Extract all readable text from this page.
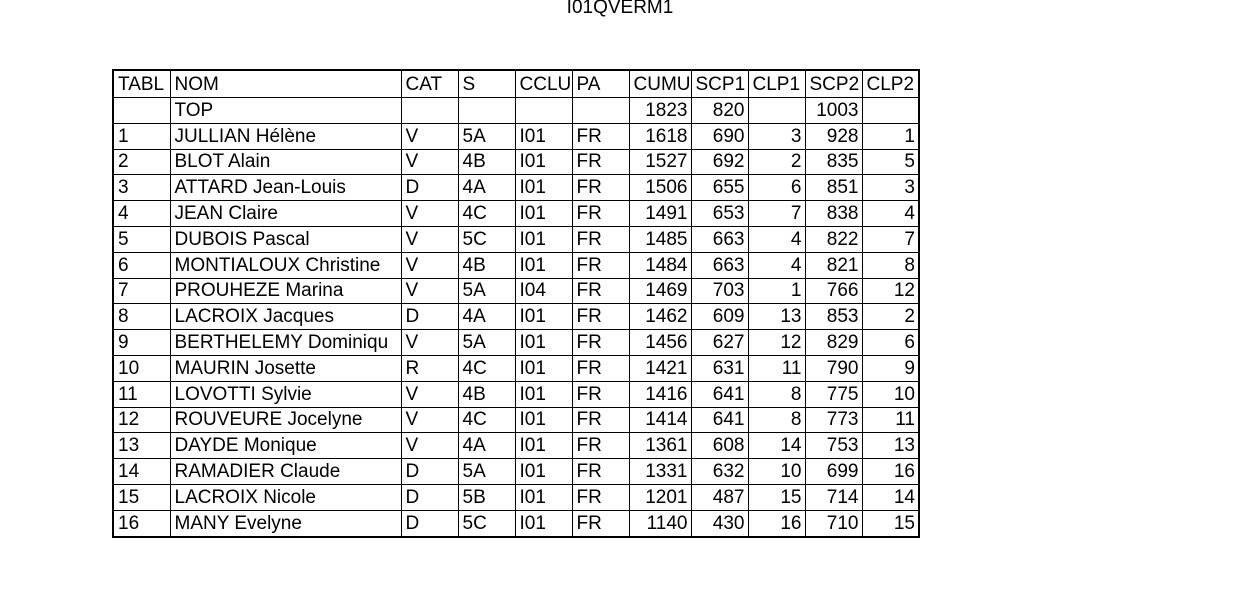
I01QVERM1
TABL	NOM	CAT	S	CCLU	PA	CUMU	SCP1	CLP1	SCP2	CLP2
	TOP					1823	820		1003	
1	JULLIAN Hélène	V	5A	I01	FR	1618	690	3	928	1
2	BLOT Alain	V	4B	I01	FR	1527	692	2	835	5
3	ATTARD Jean-Louis	D	4A	I01	FR	1506	655	6	851	3
4	JEAN Claire	V	4C	I01	FR	1491	653	7	838	4
5	DUBOIS Pascal	V	5C	I01	FR	1485	663	4	822	7
6	MONTIALOUX Christine	V	4B	I01	FR	1484	663	4	821	8
7	PROUHEZE Marina	V	5A	I04	FR	1469	703	1	766	12
8	LACROIX Jacques	D	4A	I01	FR	1462	609	13	853	2
9	BERTHELEMY Dominiqu	V	5A	I01	FR	1456	627	12	829	6
10	MAURIN Josette	R	4C	I01	FR	1421	631	11	790	9
11	LOVOTTI Sylvie	V	4B	I01	FR	1416	641	8	775	10
12	ROUVEURE Jocelyne	V	4C	I01	FR	1414	641	8	773	11
13	DAYDE Monique	V	4A	I01	FR	1361	608	14	753	13
14	RAMADIER Claude	D	5A	I01	FR	1331	632	10	699	16
15	LACROIX Nicole	D	5B	I01	FR	1201	487	15	714	14
16	MANY Evelyne	D	5C	I01	FR	1140	430	16	710	15
